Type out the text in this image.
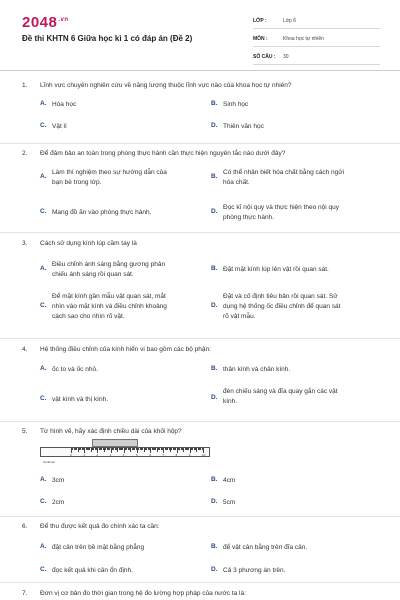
$2048^{.vn}$
Đề thi KHTN 6 Giữa học kì 1 có đáp án (Đề 2)
LỚP :	Lớp 6
MÔN :	Khoa học tự nhiên
SỐ CÂU :	30
1.	Lĩnh vực chuyên nghiên cứu về năng lượng thuộc lĩnh vực nào của khoa học tự nhiên?
A. Hóa học	B. Sinh học
C. Vật lí	D. Thiên văn học
2.	Để đảm bảo an toàn trong phòng thực hành cần thực hiện nguyên tắc nào dưới đây?
A.
Làm thí nghiệm theo sự hướng dẫn của
bạn bè trong lớp.
B.
Có thể nhận biết hóa chất bằng cách ngửi
hóa chất.
C. Mang đồ ăn vào phòng thực hành.	D.
Đọc kĩ nội quy và thực hiện theo nội quy
phòng thực hành.
3.	Cách sử dụng kính lúp cầm tay là
A.
Điều chỉnh ánh sáng bằng gương phản
chiếu ánh sáng rồi quan sát.
B. Đặt mặt kính lúp lên vật rồi quan sát.
C.
Để mặt kính gần mẫu vật quan sát, mắt
nhìn vào mặt kính và điều chỉnh khoảng
cách sao cho nhìn rõ vật.
D.
Đặt và cố định tiêu bản rồi quan sát. Sử
dụng hệ thống ốc điều chỉnh để quan sát
rõ vật mẫu.
4.	Hệ thống điều chỉnh của kính hiển vi bao gồm các bộ phận:
A. ốc to và ốc nhỏ.	B. thân kính và chân kính.
C. vật kính và thị kính.	D.
đèn chiếu sáng và đĩa quay gắn các vật
kính.
5.	Từ hình vẽ, hãy xác định chiều dài của khối hộp?
A. 3cm	B. 4cm
C. 2cm	D. 5cm
Centimet
0	1	2	3	4	5	6	7	8	9	10
6.	Để thu được kết quả đo chính xác ta cần:
A. đặt cân trên bề mặt bằng phẳng	B. để vật cân bằng trên đĩa cân.
C. đọc kết quả khi cân ổn định.	D. Cả 3 phương án trên.
7.	Đơn vị cơ bản đo thời gian trong hệ đo lường hợp pháp của nước ta là:
